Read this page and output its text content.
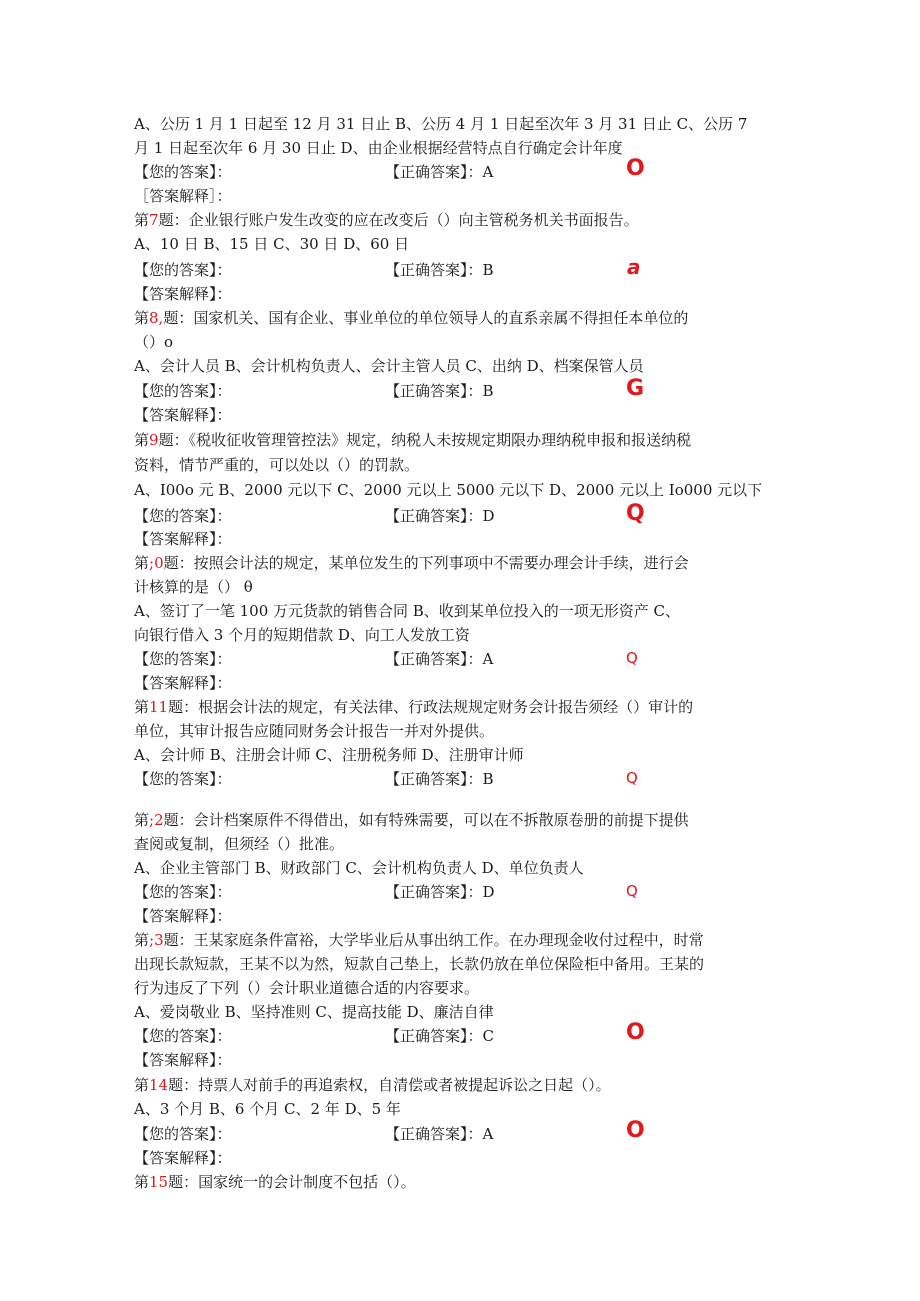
A、公历 1 月 1 日起至 12 月 31 日止 B、公历 4 月 1 日起至次年 3 月 31 日止 C、公历 7
月 1 日起至次年 6 月 30 日止 D、由企业根据经营特点自行确定会计年度
【您的答案】：	【正确答案】：A	O
［答案解释］：
第7题：企业银行账户发生改变的应在改变后（）向主管税务机关书面报告。
A、10 日 B、15 日 C、30 日 D、60 日
【您的答案】：	【正确答案】：B	a
【答案解释】：
第8,题：国家机关、国有企业、事业单位的单位领导人的直系亲属不得担任本单位的
（）o
A、会计人员 B、会计机构负责人、会计主管人员 C、出纳 D、档案保管人员
【您的答案】：	【正确答案】：B	G
【答案解释】：
第9题：《税收征收管理管控法》规定，纳税人未按规定期限办理纳税申报和报送纳税
资料，情节严重的，可以处以（）的罚款。
A、I00o 元 B、2000 元以下 C、2000 元以上 5000 元以下 D、2000 元以上 Io000 元以下
【您的答案】：	【正确答案】：D	Q
【答案解释】：
第;0题：按照会计法的规定，某单位发生的下列事项中不需要办理会计手续，进行会
计核算的是（） θ
A、签订了一笔 100 万元货款的销售合同 B、收到某单位投入的一项无形资产 C、
向银行借入 3 个月的短期借款 D、向工人发放工资
【您的答案】：	【正确答案】：A	Q
【答案解释】：
第11题：根据会计法的规定，有关法律、行政法规规定财务会计报告须经（）审计的
单位，其审计报告应随同财务会计报告一并对外提供。
A、会计师 B、注册会计师 C、注册税务师 D、注册审计师
【您的答案】：	【正确答案】：B	Q
第;2题：会计档案原件不得借出，如有特殊需要，可以在不拆散原卷册的前提下提供
查阅或复制，但须经（）批准。
A、企业主管部门 B、财政部门 C、会计机构负责人 D、单位负责人
【您的答案】：	【正确答案】：D	Q
【答案解释】：
第;3题：王某家庭条件富裕，大学毕业后从事出纳工作。在办理现金收付过程中，时常
出现长款短款，王某不以为然，短款自己垫上，长款仍放在单位保险柜中备用。王某的
行为违反了下列（）会计职业道德合适的内容要求。
A、爱岗敬业 B、坚持准则 C、提高技能 D、廉洁自律
【您的答案】：	【正确答案】：C	O
【答案解释】：
第14题：持票人对前手的再追索权，自清偿或者被提起诉讼之日起（）。
A、3 个月 B、6 个月 C、2 年 D、5 年
【您的答案】：	【正确答案】：A	O
【答案解释】：
第15题：国家统一的会计制度不包括（）。
